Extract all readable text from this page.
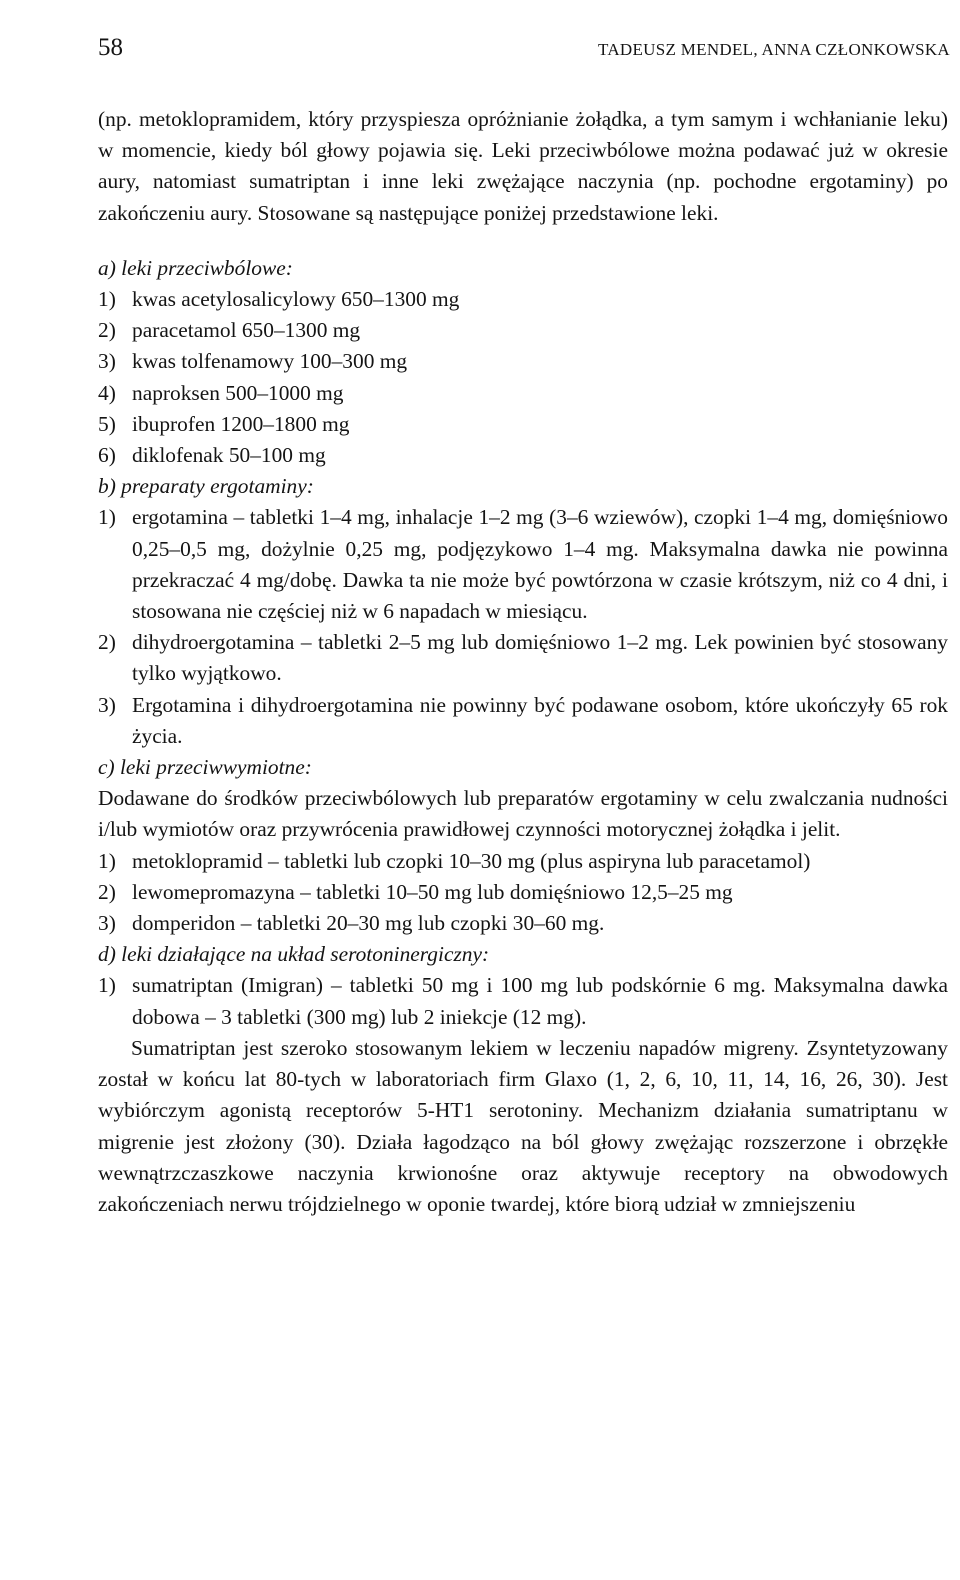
58	TADEUSZ MENDEL, ANNA CZŁONKOWSKA

(np. metoklopramidem, który przyspiesza opróżnianie żołądka, a tym samym i wchłanianie leku) w momencie, kiedy ból głowy pojawia się. Leki przeciwbólowe można podawać już w okresie aury, natomiast sumatriptan i inne leki zwężające naczynia (np. pochodne ergotaminy) po zakończeniu aury. Stosowane są następujące poniżej przedstawione leki.

a) leki przeciwbólowe:

1) kwas acetylosalicylowy 650–1300 mg
2) paracetamol 650–1300 mg
3) kwas tolfenamowy 100–300 mg
4) naproksen 500–1000 mg
5) ibuprofen 1200–1800 mg
6) diklofenak 50–100 mg

b) preparaty ergotaminy:

1) ergotamina – tabletki 1–4 mg, inhalacje 1–2 mg (3–6 wziewów), czopki 1–4 mg, domięśniowo 0,25–0,5 mg, dożylnie 0,25 mg, podjęzykowo 1–4 mg. Maksymalna dawka nie powinna przekraczać 4 mg/dobę. Dawka ta nie może być powtórzona w czasie krótszym, niż co 4 dni, i stosowana nie częściej niż w 6 napadach w miesiącu.
2) dihydroergotamina – tabletki 2–5 mg lub domięśniowo 1–2 mg. Lek powinien być stosowany tylko wyjątkowo.
3) Ergotamina i dihydroergotamina nie powinny być podawane osobom, które ukończyły 65 rok życia.

c) leki przeciwwymiotne:

Dodawane do środków przeciwbólowych lub preparatów ergotaminy w celu zwalczania nudności i/lub wymiotów oraz przywrócenia prawidłowej czynności motorycznej żołądka i jelit.

1) metoklopramid – tabletki lub czopki 10–30 mg (plus aspiryna lub paracetamol)
2) lewomepromazyna – tabletki 10–50 mg lub domięśniowo 12,5–25 mg
3) domperidon – tabletki 20–30 mg lub czopki 30–60 mg.

d) leki działające na układ serotoninergiczny:

1) sumatriptan (Imigran) – tabletki 50 mg i 100 mg lub podskórnie 6 mg. Maksymalna dawka dobowa – 3 tabletki (300 mg) lub 2 iniekcje (12 mg).

Sumatriptan jest szeroko stosowanym lekiem w leczeniu napadów migreny. Zsyntetyzowany został w końcu lat 80-tych w laboratoriach firm Glaxo (1, 2, 6, 10, 11, 14, 16, 26, 30). Jest wybiórczym agonistą receptorów 5-HT1 serotoniny. Mechanizm działania sumatriptanu w migrenie jest złożony (30). Działa łagodząco na ból głowy zwężając rozszerzone i obrzękłe wewnątrzczaszkowe naczynia krwionośne oraz aktywuje receptory na obwodowych zakończeniach nerwu trójdzielnego w oponie twardej, które biorą udział w zmniejszeniu
